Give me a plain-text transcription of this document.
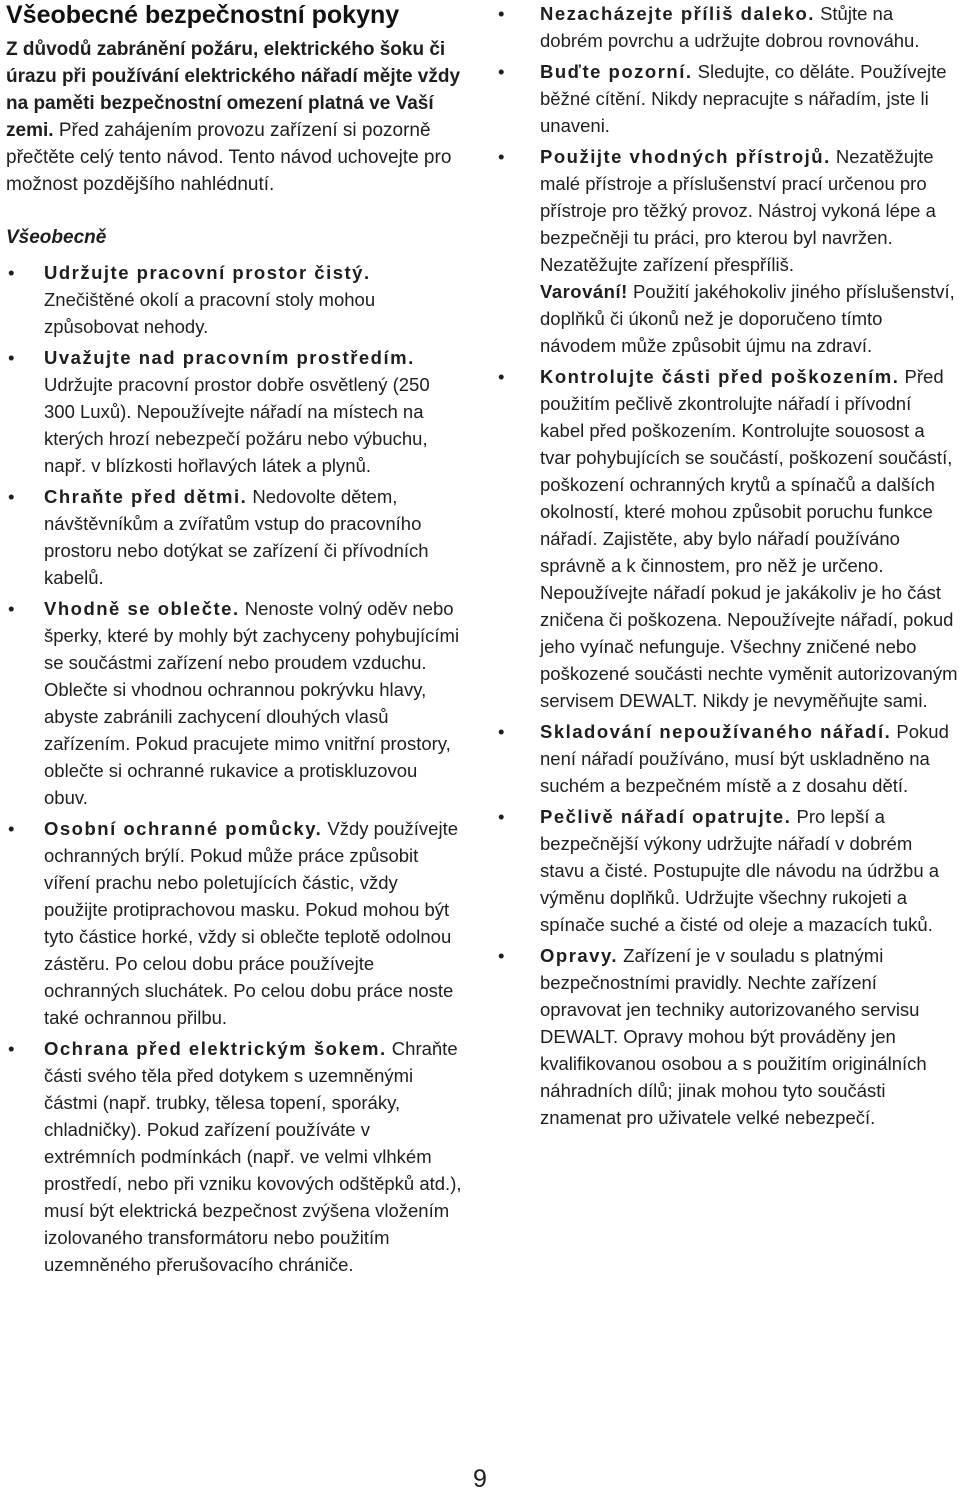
Všeobecné bezpečnostní pokyny

Z důvodů zabránění požáru, elektrického šoku či úrazu při používání elektrického nářadí mějte vždy na paměti bezpečnostní omezení platná ve Vaší zemi. Před zahájením provozu zařízení si pozorně přečtěte celý tento návod. Tento návod uchovejte pro možnost pozdějšího nahlédnutí.

Všeobecně
• Udržujte pracovní prostor čistý. Znečištěné okolí a pracovní stoly mohou způsobovat nehody.
• Uvažujte nad pracovním prostředím. Udržujte pracovní prostor dobře osvětlený (250 300 Luxů). Nepoužívejte nářadí na místech na kterých hrozí nebezpečí požáru nebo výbuchu, např. v blízkosti hořlavých látek a plynů.
• Chraňte před dětmi. Nedovolte dětem, návštěvníkům a zvířatům vstup do pracovního prostoru nebo dotýkat se zařízení či přívodních kabelů.
• Vhodně se oblečte. Nenoste volný oděv nebo šperky, které by mohly být zachyceny pohybujícími se součástmi zařízení nebo proudem vzduchu. Oblečte si vhodnou ochrannou pokrývku hlavy, abyste zabránili zachycení dlouhých vlasů zařízením. Pokud pracujete mimo vnitřní prostory, oblečte si ochranné rukavice a protiskluzovou obuv.
• Osobní ochranné pomůcky. Vždy používejte ochranných brýlí. Pokud může práce způsobit víření prachu nebo poletujících částic, vždy použijte protiprachovou masku. Pokud mohou být tyto částice horké, vždy si oblečte teplotě odolnou zástěru. Po celou dobu práce používejte ochranných sluchátek. Po celou dobu práce noste také ochrannou přilbu.
• Ochrana před elektrickým šokem. Chraňte části svého těla před dotykem s uzemněnými částmi (např. trubky, tělesa topení, sporáky, chladničky). Pokud zařízení používáte v extrémních podmínkách (např. ve velmi vlhkém prostředí, nebo při vzniku kovových odštěpků atd.), musí být elektrická bezpečnost zvýšena vložením izolovaného transformátoru nebo použitím uzemněného přerušovacího chrániče.
• Nezacházejte příliš daleko. Stůjte na dobrém povrchu a udržujte dobrou rovnováhu.
• Buďte pozorní. Sledujte, co děláte. Používejte běžné cítění. Nikdy nepracujte s nářadím, jste li unaveni.
• Použijte vhodných přístrojů. Nezatěžujte malé přístroje a příslušenství prací určenou pro přístroje pro těžký provoz. Nástroj vykoná lépe a bezpečněji tu práci, pro kterou byl navržen. Nezatěžujte zařízení přespříliš.
Varování! Použití jakéhokoliv jiného příslušenství, doplňků či úkonů než je doporučeno tímto návodem může způsobit újmu na zdraví.
• Kontrolujte části před poškozením. Před použitím pečlivě zkontrolujte nářadí i přívodní kabel před poškozením. Kontrolujte souosost a tvar pohybujících se součástí, poškození součástí, poškození ochranných krytů a spínačů a dalších okolností, které mohou způsobit poruchu funkce nářadí. Zajistěte, aby bylo nářadí používáno správně a k činnostem, pro něž je určeno. Nepoužívejte nářadí pokud je jakákoliv je ho část zničena či poškozena. Nepoužívejte nářadí, pokud jeho vyínač nefunguje. Všechny zničené nebo poškozené součásti nechte vyměnit autorizovaným servisem DEWALT. Nikdy je nevyměňujte sami.
• Skladování nepoužívaného nářadí. Pokud není nářadí používáno, musí být uskladněno na suchém a bezpečném místě a z dosahu dětí.
• Pečlivě nářadí opatrujte. Pro lepší a bezpečnější výkony udržujte nářadí v dobrém stavu a čisté. Postupujte dle návodu na údržbu a výměnu doplňků. Udržujte všechny rukojeti a spínače suché a čisté od oleje a mazacích tuků.
• Opravy. Zařízení je v souladu s platnými bezpečnostními pravidly. Nechte zařízení opravovat jen techniky autorizovaného servisu DEWALT. Opravy mohou být prováděny jen kvalifikovanou osobou a s použitím originálních náhradních dílů; jinak mohou tyto součásti znamenat pro uživatele velké nebezpečí.
9
